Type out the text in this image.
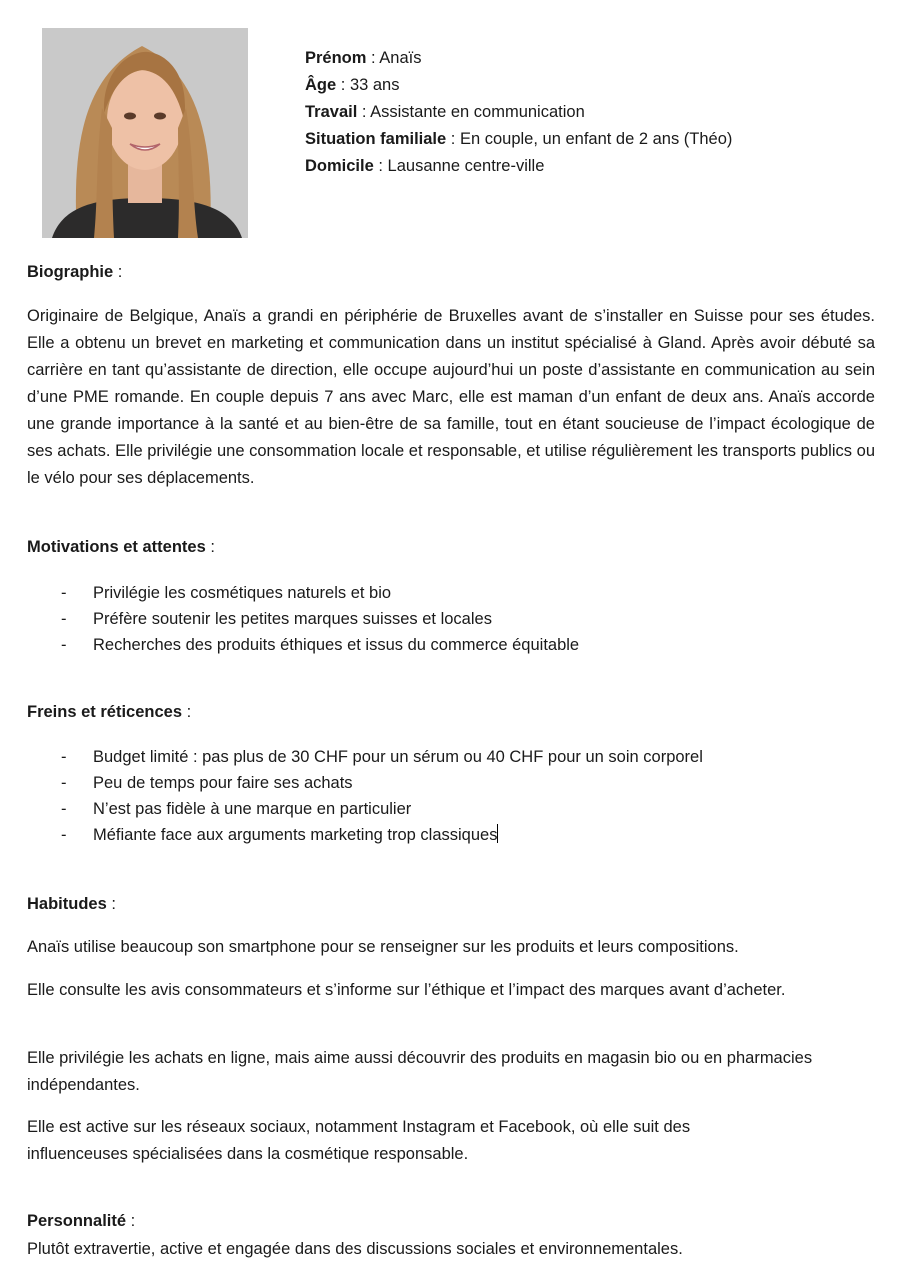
Prénom : Anaïs
Âge : 33 ans
Travail : Assistante en communication
Situation familiale : En couple, un enfant de 2 ans (Théo)
Domicile : Lausanne centre-ville
Biographie :
Originaire de Belgique, Anaïs a grandi en périphérie de Bruxelles avant de s’installer en Suisse pour ses études. Elle a obtenu un brevet en marketing et communication dans un institut spécialisé à Gland. Après avoir débuté sa carrière en tant qu’assistante de direction, elle occupe aujourd’hui un poste d’assistante en communication au sein d’une PME romande. En couple depuis 7 ans avec Marc, elle est maman d’un enfant de deux ans. Anaïs accorde une grande importance à la santé et au bien-être de sa famille, tout en étant soucieuse de l’impact écologique de ses achats. Elle privilégie une consommation locale et responsable, et utilise régulièrement les transports publics ou le vélo pour ses déplacements.
Motivations et attentes :
- Privilégie les cosmétiques naturels et bio
- Préfère soutenir les petites marques suisses et locales
- Recherches des produits éthiques et issus du commerce équitable
Freins et réticences :
- Budget limité : pas plus de 30 CHF pour un sérum ou 40 CHF pour un soin corporel
- Peu de temps pour faire ses achats
- N’est pas fidèle à une marque en particulier
- Méfiante face aux arguments marketing trop classiques
Habitudes :
Anaïs utilise beaucoup son smartphone pour se renseigner sur les produits et leurs compositions.
Elle consulte les avis consommateurs et s’informe sur l’éthique et l’impact des marques avant d’acheter.
Elle privilégie les achats en ligne, mais aime aussi découvrir des produits en magasin bio ou en pharmacies indépendantes.
Elle est active sur les réseaux sociaux, notamment Instagram et Facebook, où elle suit des influenceuses spécialisées dans la cosmétique responsable.
Personnalité :
Plutôt extravertie, active et engagée dans des discussions sociales et environnementales.
